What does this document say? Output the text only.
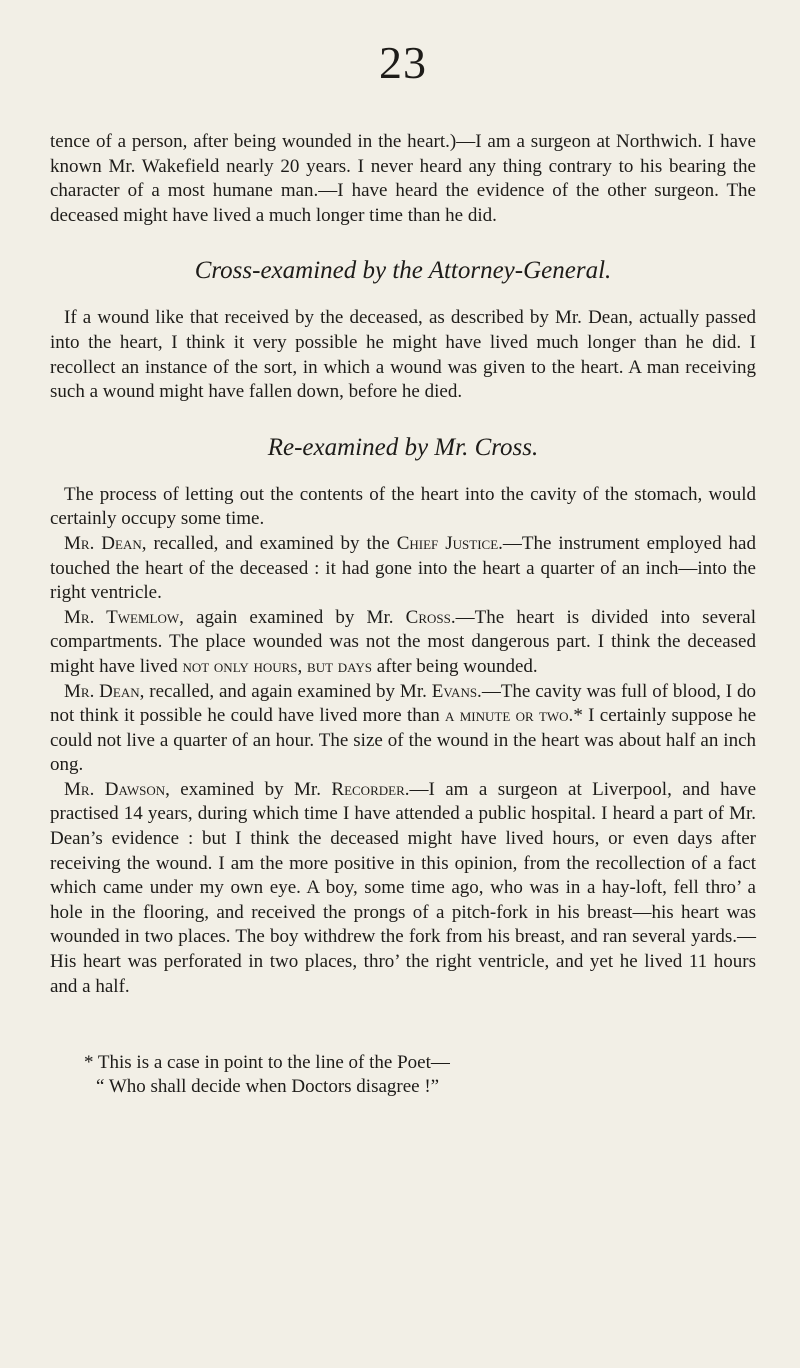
23

tence of a person, after being wounded in the heart.)—I am a surgeon at Northwich. I have known Mr. Wakefield nearly 20 years. I never heard any thing contrary to his bearing the character of a most humane man.—I have heard the evidence of the other surgeon. The deceased might have lived a much longer time than he did.

Cross-examined by the Attorney-General.

If a wound like that received by the deceased, as described by Mr. Dean, actually passed into the heart, I think it very possible he might have lived much longer than he did. I recollect an instance of the sort, in which a wound was given to the heart. A man receiving such a wound might have fallen down, before he died.

Re-examined by Mr. Cross.

The process of letting out the contents of the heart into the cavity of the stomach, would certainly occupy some time.

Mr. Dean, recalled, and examined by the Chief Justice.—The instrument employed had touched the heart of the deceased : it had gone into the heart a quarter of an inch—into the right ventricle.

Mr. Twemlow, again examined by Mr. Cross.—The heart is divided into several compartments. The place wounded was not the most dangerous part. I think the deceased might have lived not only hours, but days after being wounded.

Mr. Dean, recalled, and again examined by Mr. Evans.—The cavity was full of blood, I do not think it possible he could have lived more than a minute or two.* I certainly suppose he could not live a quarter of an hour. The size of the wound in the heart was about half an inch ong.

Mr. Dawson, examined by Mr. Recorder.—I am a surgeon at Liverpool, and have practised 14 years, during which time I have attended a public hospital. I heard a part of Mr. Dean’s evidence : but I think the deceased might have lived hours, or even days after receiving the wound. I am the more positive in this opinion, from the recollection of a fact which came under my own eye. A boy, some time ago, who was in a hay-loft, fell thro’ a hole in the flooring, and received the prongs of a pitch-fork in his breast—his heart was wounded in two places. The boy withdrew the fork from his breast, and ran several yards.—His heart was perforated in two places, thro’ the right ventricle, and yet he lived 11 hours and a half.

* This is a case in point to the line of the Poet—
“ Who shall decide when Doctors disagree !”
